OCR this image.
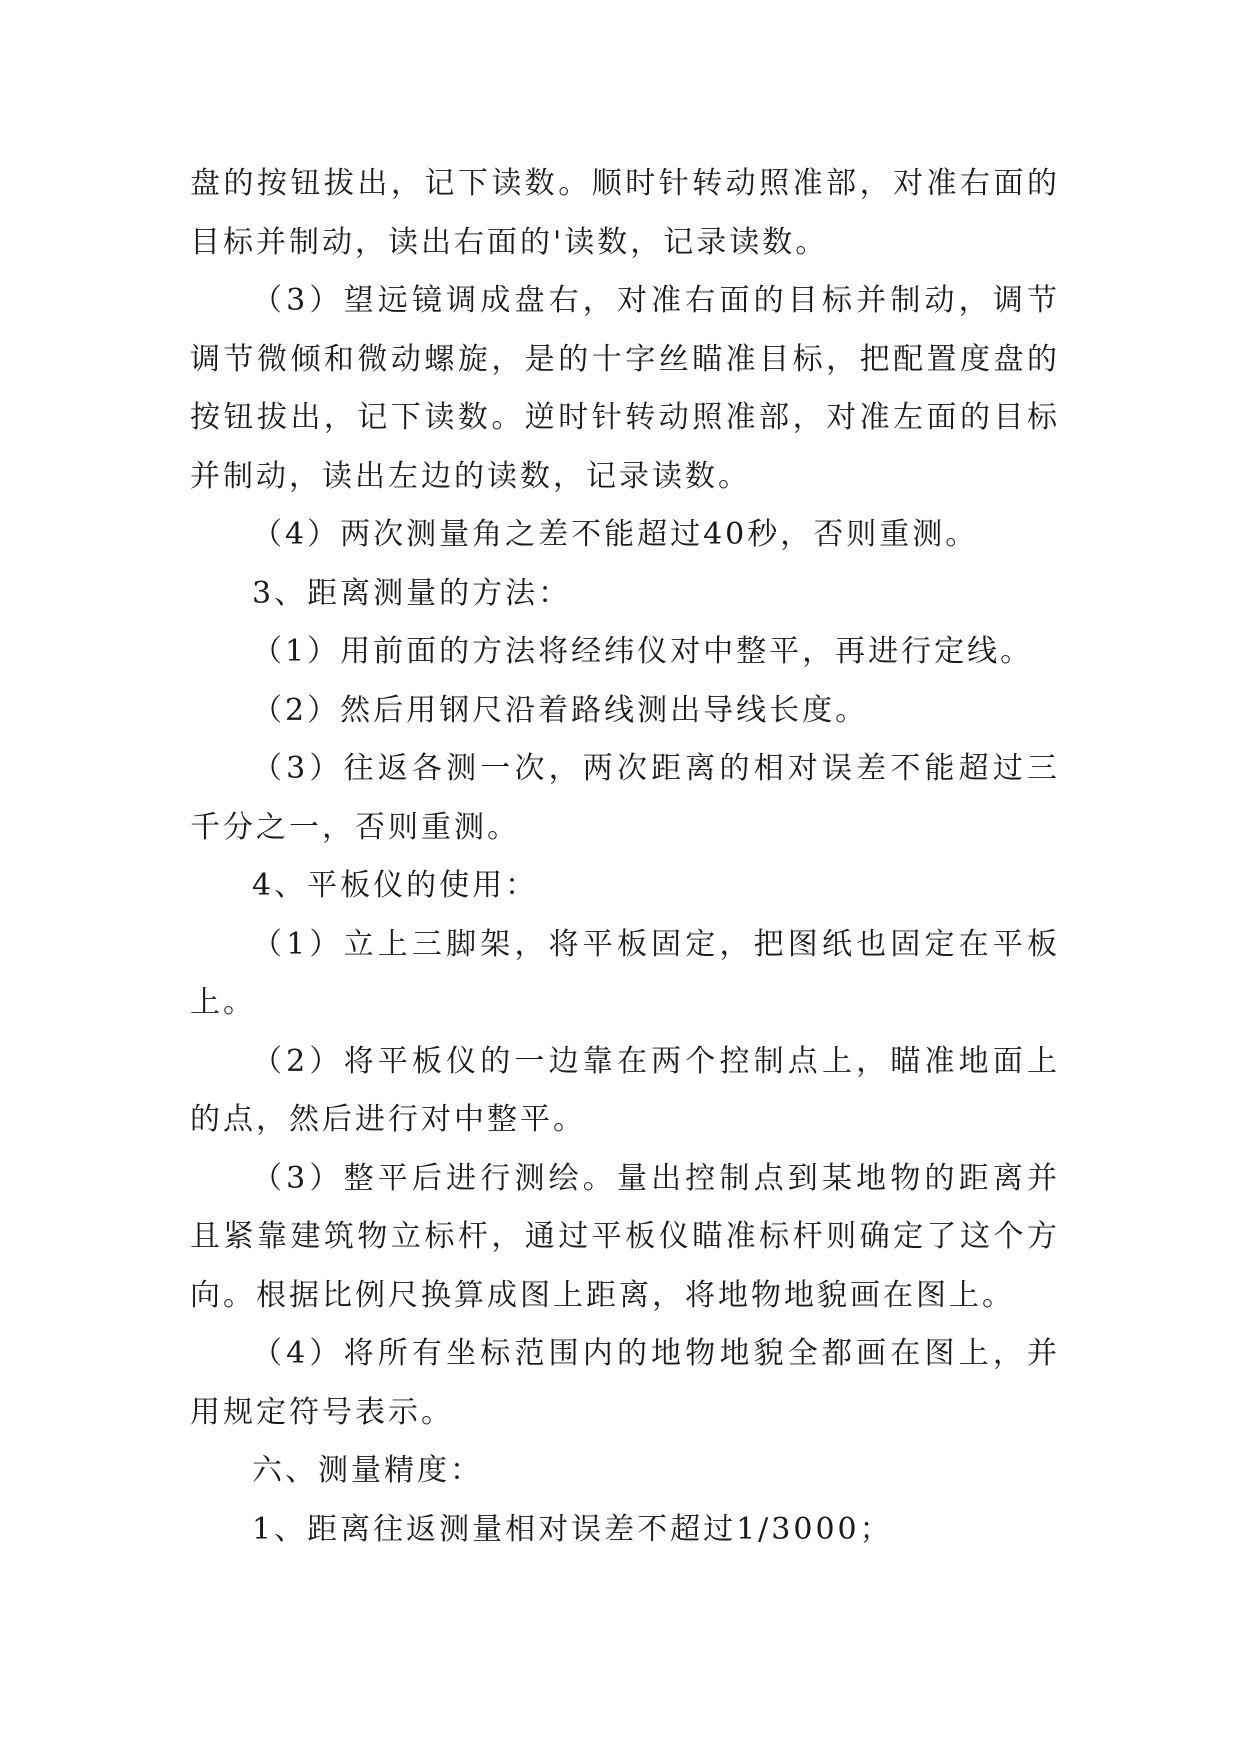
盘的按钮拔出，记下读数。顺时针转动照准部，对准右面的目标并制动，读出右面的'读数，记录读数。

（3）望远镜调成盘右，对准右面的目标并制动，调节调节微倾和微动螺旋，是的十字丝瞄准目标，把配置度盘的按钮拔出，记下读数。逆时针转动照准部，对准左面的目标并制动，读出左边的读数，记录读数。

（4）两次测量角之差不能超过40秒，否则重测。

3、距离测量的方法：

（1）用前面的方法将经纬仪对中整平，再进行定线。

（2）然后用钢尺沿着路线测出导线长度。

（3）往返各测一次，两次距离的相对误差不能超过三千分之一，否则重测。

4、平板仪的使用：

（1）立上三脚架，将平板固定，把图纸也固定在平板上。

（2）将平板仪的一边靠在两个控制点上，瞄准地面上的点，然后进行对中整平。

（3）整平后进行测绘。量出控制点到某地物的距离并且紧靠建筑物立标杆，通过平板仪瞄准标杆则确定了这个方向。根据比例尺换算成图上距离，将地物地貌画在图上。

（4）将所有坐标范围内的地物地貌全都画在图上，并用规定符号表示。

六、测量精度：

1、距离往返测量相对误差不超过1/3000；
